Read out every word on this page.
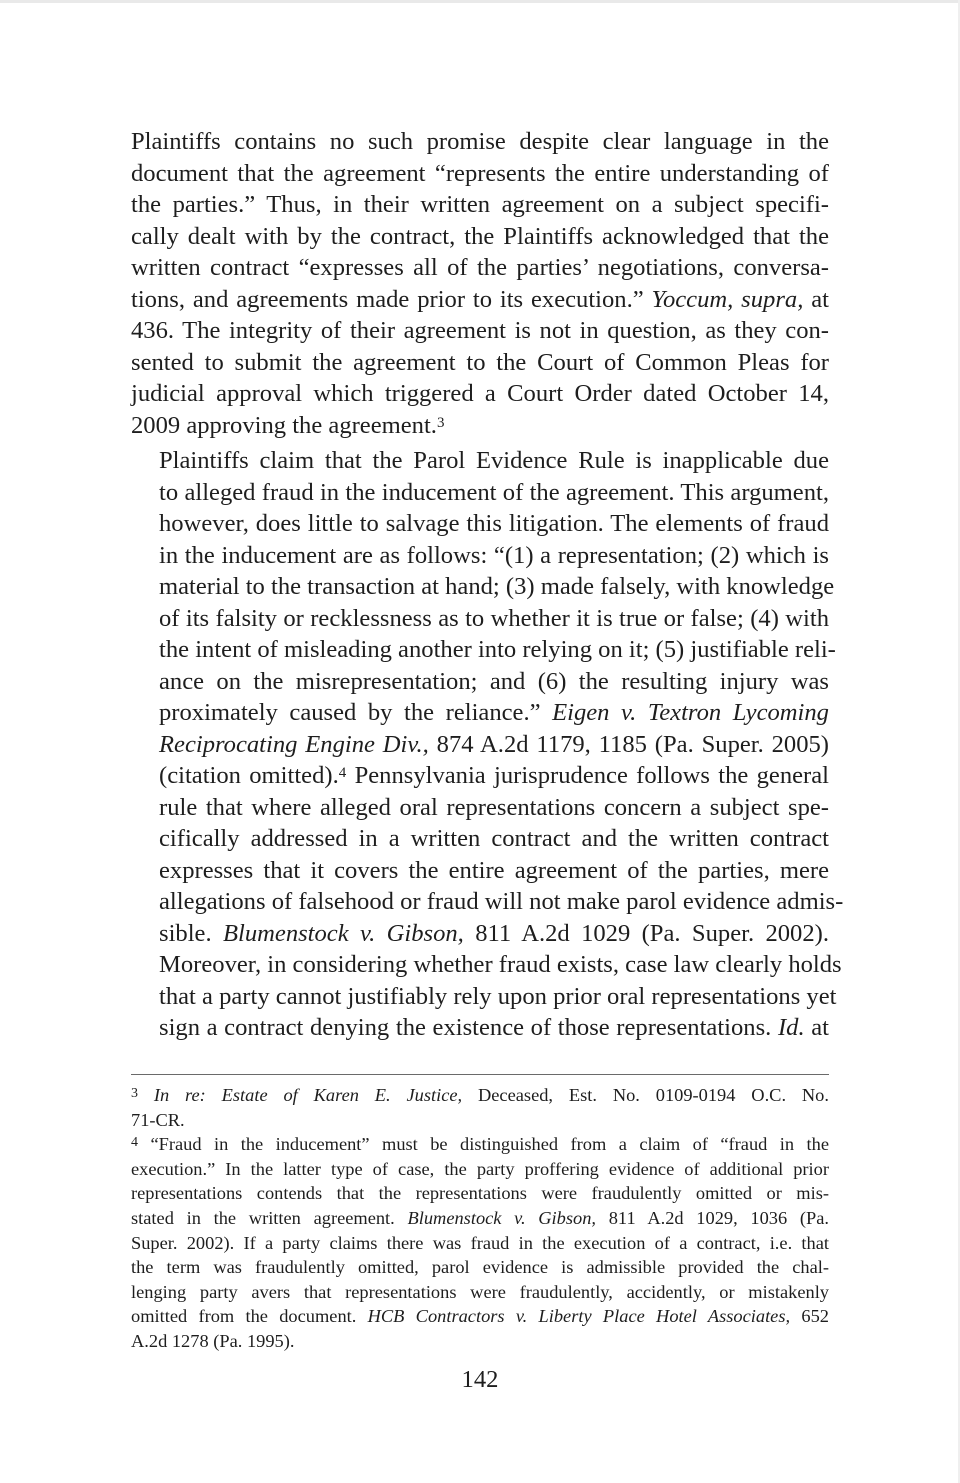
Plaintiffs contains no such promise despite clear language in the
document that the agreement “represents the entire understanding of
the parties.” Thus, in their written agreement on a subject specifi-
cally dealt with by the contract, the Plaintiffs acknowledged that the
written contract “expresses all of the parties’ negotiations, conversa-
tions, and agreements made prior to its execution.” Yoccum, supra, at
436. The integrity of their agreement is not in question, as they con-
sented to submit the agreement to the Court of Common Pleas for
judicial approval which triggered a Court Order dated October 14,
2009 approving the agreement.$^3$

Plaintiffs claim that the Parol Evidence Rule is inapplicable due
to alleged fraud in the inducement of the agreement. This argument,
however, does little to salvage this litigation. The elements of fraud
in the inducement are as follows: “(1) a representation; (2) which is
material to the transaction at hand; (3) made falsely, with knowledge
of its falsity or recklessness as to whether it is true or false; (4) with
the intent of misleading another into relying on it; (5) justifiable reli-
ance on the misrepresentation; and (6) the resulting injury was
proximately caused by the reliance.” Eigen v. Textron Lycoming
Reciprocating Engine Div., 874 A.2d 1179, 1185 (Pa. Super. 2005)
(citation omitted).$^4$ Pennsylvania jurisprudence follows the general
rule that where alleged oral representations concern a subject spe-
cifically addressed in a written contract and the written contract
expresses that it covers the entire agreement of the parties, mere
allegations of falsehood or fraud will not make parol evidence admis-
sible. Blumenstock v. Gibson, 811 A.2d 1029 (Pa. Super. 2002).
Moreover, in considering whether fraud exists, case law clearly holds
that a party cannot justifiably rely upon prior oral representations yet
sign a contract denying the existence of those representations. Id. at

$^3$ In re: Estate of Karen E. Justice, Deceased, Est. No. 0109-0194 O.C. No.
71-CR.
$^4$ “Fraud in the inducement” must be distinguished from a claim of “fraud in the
execution.” In the latter type of case, the party proffering evidence of additional prior
representations contends that the representations were fraudulently omitted or mis-
stated in the written agreement. Blumenstock v. Gibson, 811 A.2d 1029, 1036 (Pa.
Super. 2002). If a party claims there was fraud in the execution of a contract, i.e. that
the term was fraudulently omitted, parol evidence is admissible provided the chal-
lenging party avers that representations were fraudulently, accidently, or mistakenly
omitted from the document. HCB Contractors v. Liberty Place Hotel Associates, 652
A.2d 1278 (Pa. 1995).
142
